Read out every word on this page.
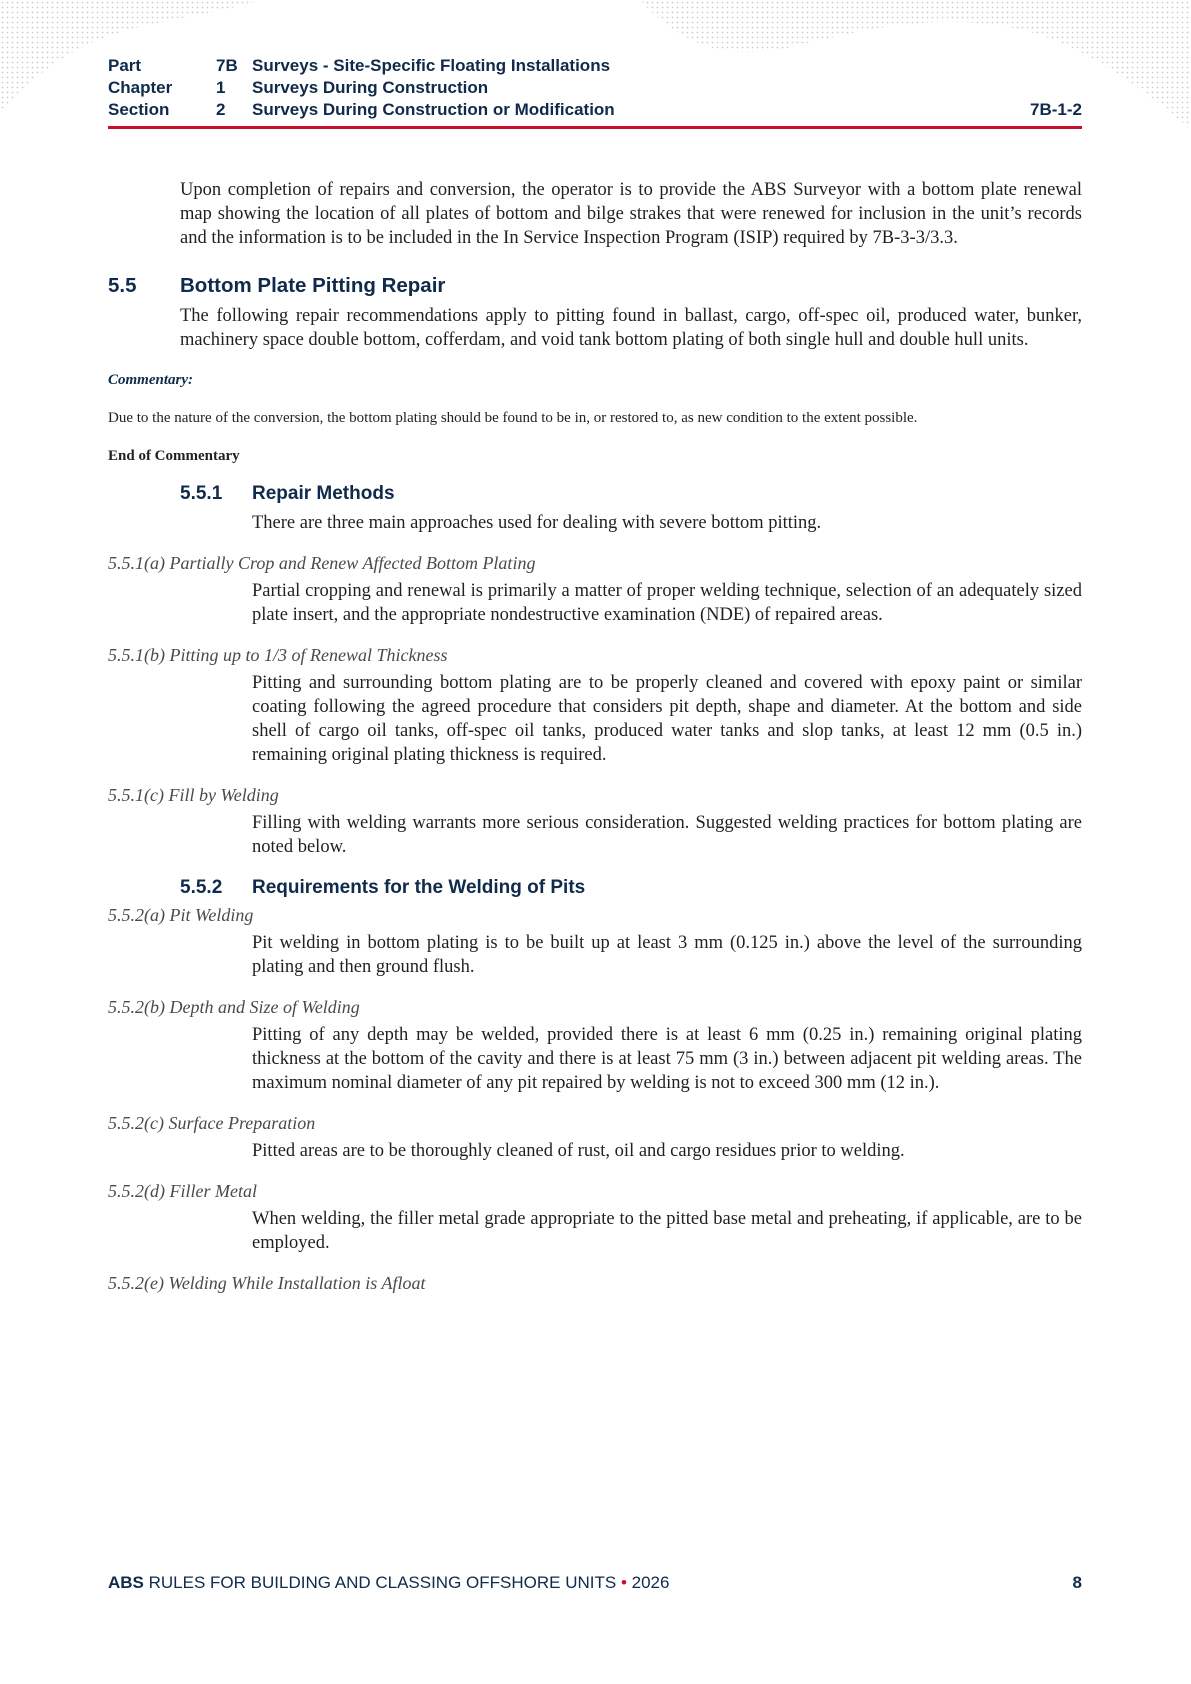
Part	7B Surveys - Site-Specific Floating Installations
Chapter	1 Surveys During Construction
Section	2 Surveys During Construction or Modification	7B-1-2

Upon completion of repairs and conversion, the operator is to provide the ABS Surveyor with a bottom plate renewal map showing the location of all plates of bottom and bilge strakes that were renewed for inclusion in the unit’s records and the information is to be included in the In Service Inspection Program (ISIP) required by 7B-3-3/3.3.

5.5 Bottom Plate Pitting Repair

The following repair recommendations apply to pitting found in ballast, cargo, off-spec oil, produced water, bunker, machinery space double bottom, cofferdam, and void tank bottom plating of both single hull and double hull units.

Commentary:

Due to the nature of the conversion, the bottom plating should be found to be in, or restored to, as new condition to the extent possible.

End of Commentary

5.5.1 Repair Methods

There are three main approaches used for dealing with severe bottom pitting.

5.5.1(a) Partially Crop and Renew Affected Bottom Plating

Partial cropping and renewal is primarily a matter of proper welding technique, selection of an adequately sized plate insert, and the appropriate nondestructive examination (NDE) of repaired areas.

5.5.1(b) Pitting up to 1/3 of Renewal Thickness

Pitting and surrounding bottom plating are to be properly cleaned and covered with epoxy paint or similar coating following the agreed procedure that considers pit depth, shape and diameter. At the bottom and side shell of cargo oil tanks, off-spec oil tanks, produced water tanks and slop tanks, at least 12 mm (0.5 in.) remaining original plating thickness is required.

5.5.1(c) Fill by Welding

Filling with welding warrants more serious consideration. Suggested welding practices for bottom plating are noted below.

5.5.2 Requirements for the Welding of Pits

5.5.2(a) Pit Welding

Pit welding in bottom plating is to be built up at least 3 mm (0.125 in.) above the level of the surrounding plating and then ground flush.

5.5.2(b) Depth and Size of Welding

Pitting of any depth may be welded, provided there is at least 6 mm (0.25 in.) remaining original plating thickness at the bottom of the cavity and there is at least 75 mm (3 in.) between adjacent pit welding areas. The maximum nominal diameter of any pit repaired by welding is not to exceed 300 mm (12 in.).

5.5.2(c) Surface Preparation

Pitted areas are to be thoroughly cleaned of rust, oil and cargo residues prior to welding.

5.5.2(d) Filler Metal

When welding, the filler metal grade appropriate to the pitted base metal and preheating, if applicable, are to be employed.

5.5.2(e) Welding While Installation is Afloat

ABS RULES FOR BUILDING AND CLASSING OFFSHORE UNITS • 2026	8
